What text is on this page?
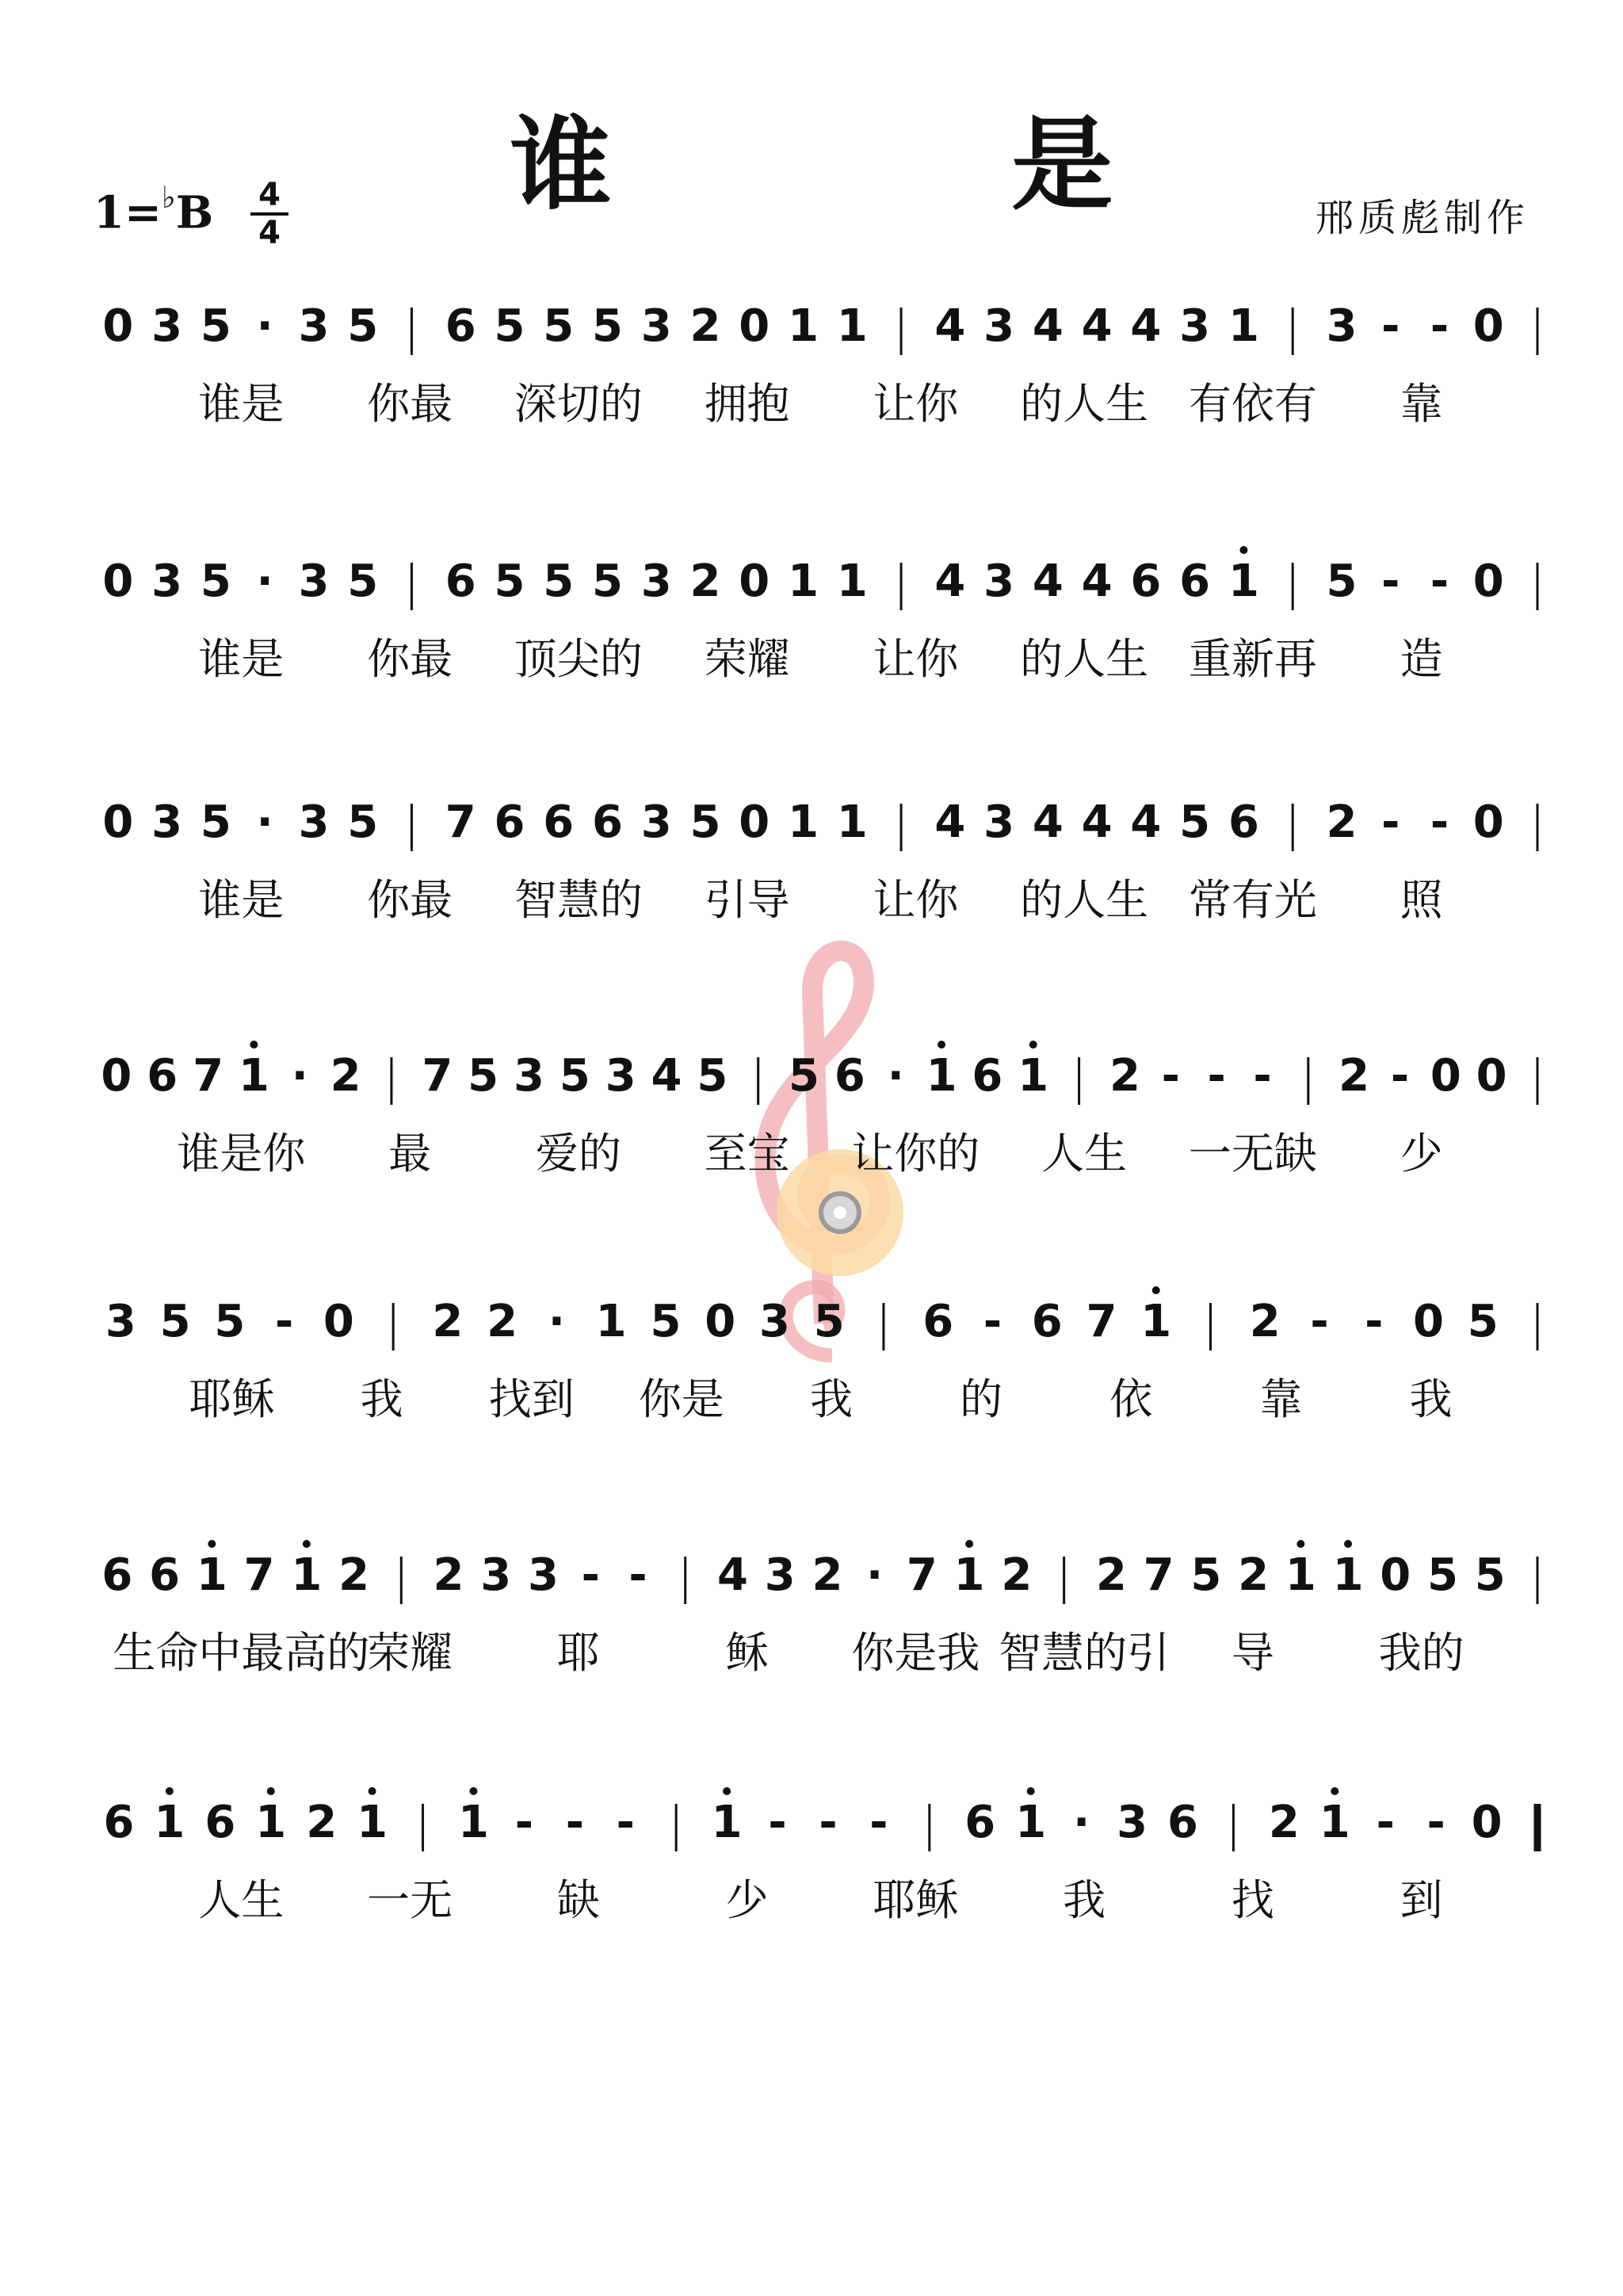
谁 是
1=♭B 4
4	邢质彪制作
0 3 5 · 3 5 6 5 5 5 3 2 0 1 1 4 3 4 4 4 3 1 3 - - 0
谁是 你最 深切的 拥抱 让你 的人生 有依有 靠
0 3 5 · 3 5 6 5 5 5 3 2 0 1 1 4 3 4 4 6 6 1 5 - - 0
谁是 你最 顶尖的 荣耀 让你 的人生 重新再 造
0 3 5 · 3 5 7 6 6 6 3 5 0 1 1 4 3 4 4 4 5 6 2 - - 0
谁是 你最 智慧的 引导 让你 的人生 常有光 照
0 6 7 1 · 2 7 5 3 5 3 4 5 5 6 · 1 6 1 2 - - - 2 - 0 0
谁是你 最 爱的 至宝 让你的 人生 一无缺 少
3 5 5 - 0 2 2 · 1 5 0 3 5 6 - 6 7 1 2 - - 0 5
耶稣 我 找到 你是 我	的	依	靠	我
6 6 1 7 1 2 2 3 3 - - 4 3 2 · 7 1 2 2 7 5 2 1 1 0 5 5
生命中最高的
荣耀 耶	稣 你是我 智慧的引 导 我的
6 1 6 1 2 1 1 - - - 1 - - - 6 1 · 3 6 2 1 - - 0
人生 一无 缺	少 耶稣 我	找	到
